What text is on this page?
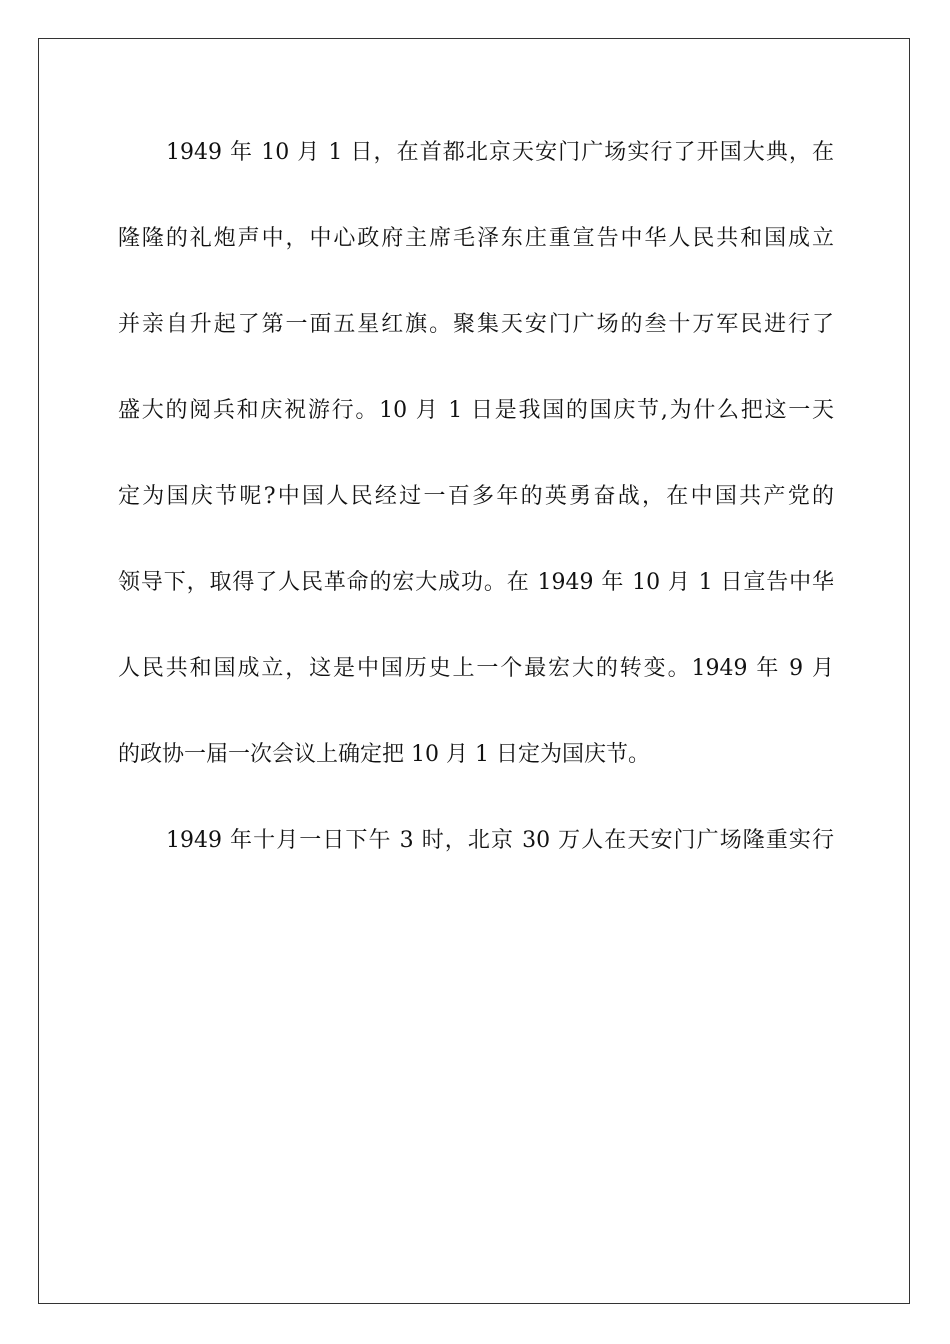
1949 年 10 月 1 日，在首都北京天安门广场实行了开国大典，在
隆隆的礼炮声中，中心政府主席毛泽东庄重宣告中华人民共和国成立
并亲自升起了第一面五星红旗。聚集天安门广场的叁十万军民进行了
盛大的阅兵和庆祝游行。10 月 1 日是我国的国庆节,为什么把这一天
定为国庆节呢?中国人民经过一百多年的英勇奋战，在中国共产党的
领导下，取得了人民革命的宏大成功。在 1949 年 10 月 1 日宣告中华
人民共和国成立，这是中国历史上一个最宏大的转变。1949 年 9 月
的政协一届一次会议上确定把 10 月 1 日定为国庆节。
1949 年十月一日下午 3 时，北京 30 万人在天安门广场隆重实行
